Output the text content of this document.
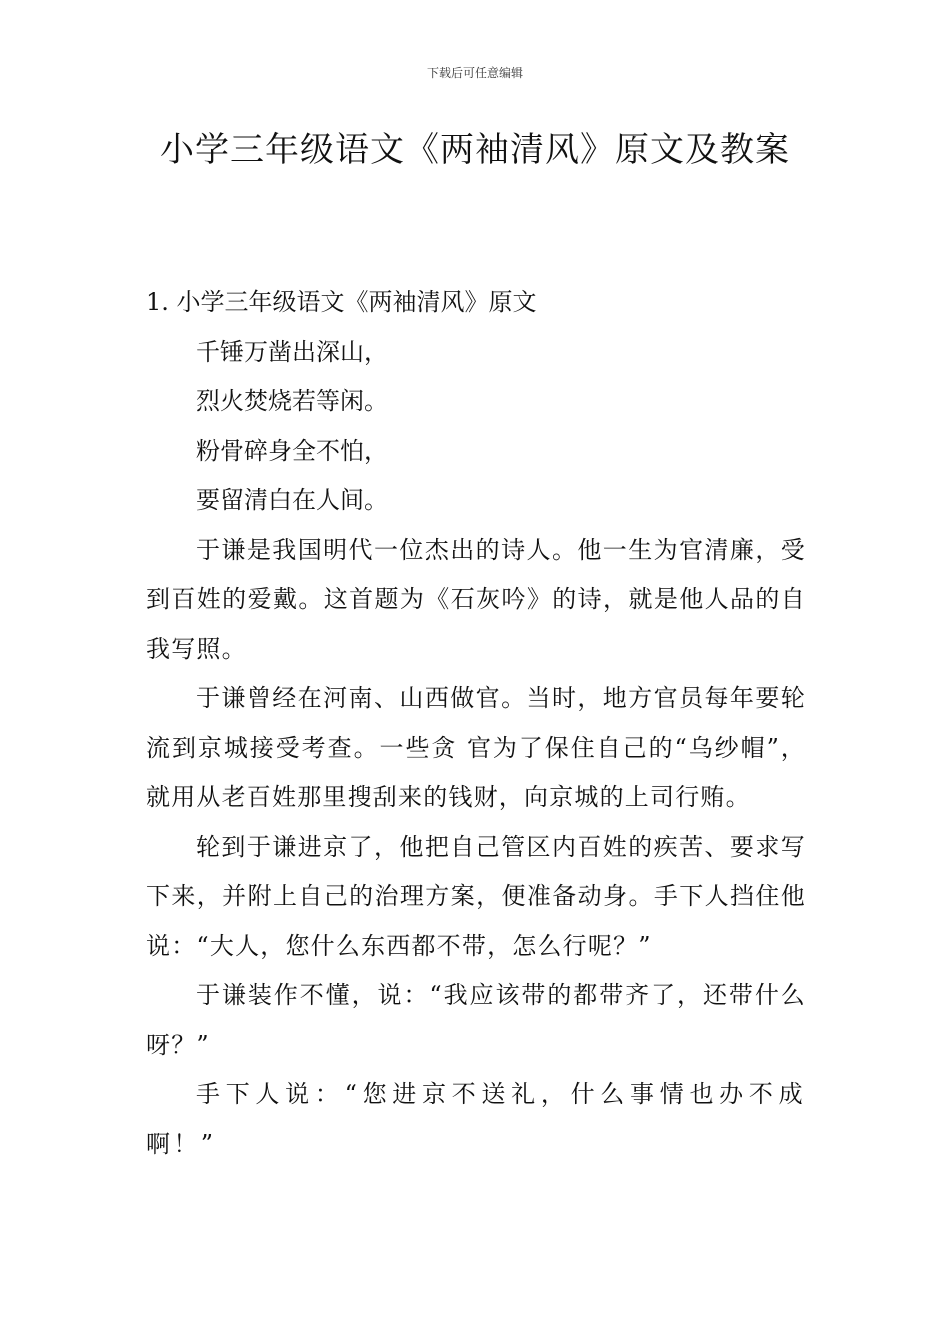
下载后可任意编辑
小学三年级语文《两袖清风》原文及教案

1. 小学三年级语文《两袖清风》原文

千锤万凿出深山，

烈火焚烧若等闲。

粉骨碎身全不怕，

要留清白在人间。

于谦是我国明代一位杰出的诗人。他一生为官清廉，受到百姓的爱戴。这首题为《石灰吟》的诗，就是他人品的自我写照。

于谦曾经在河南、山西做官。当时，地方官员每年要轮流到京城接受考查。一些贪 官为了保住自己的“乌纱帽”，就用从老百姓那里搜刮来的钱财，向京城的上司行贿。

轮到于谦进京了，他把自己管区内百姓的疾苦、要求写下来，并附上自己的治理方案，便准备动身。手下人挡住他说：“大人，您什么东西都不带，怎么行呢？”

于谦装作不懂，说：“我应该带的都带齐了，还带什么呀？”

手下人说：“您进京不送礼，什么事情也办不成啊！”
